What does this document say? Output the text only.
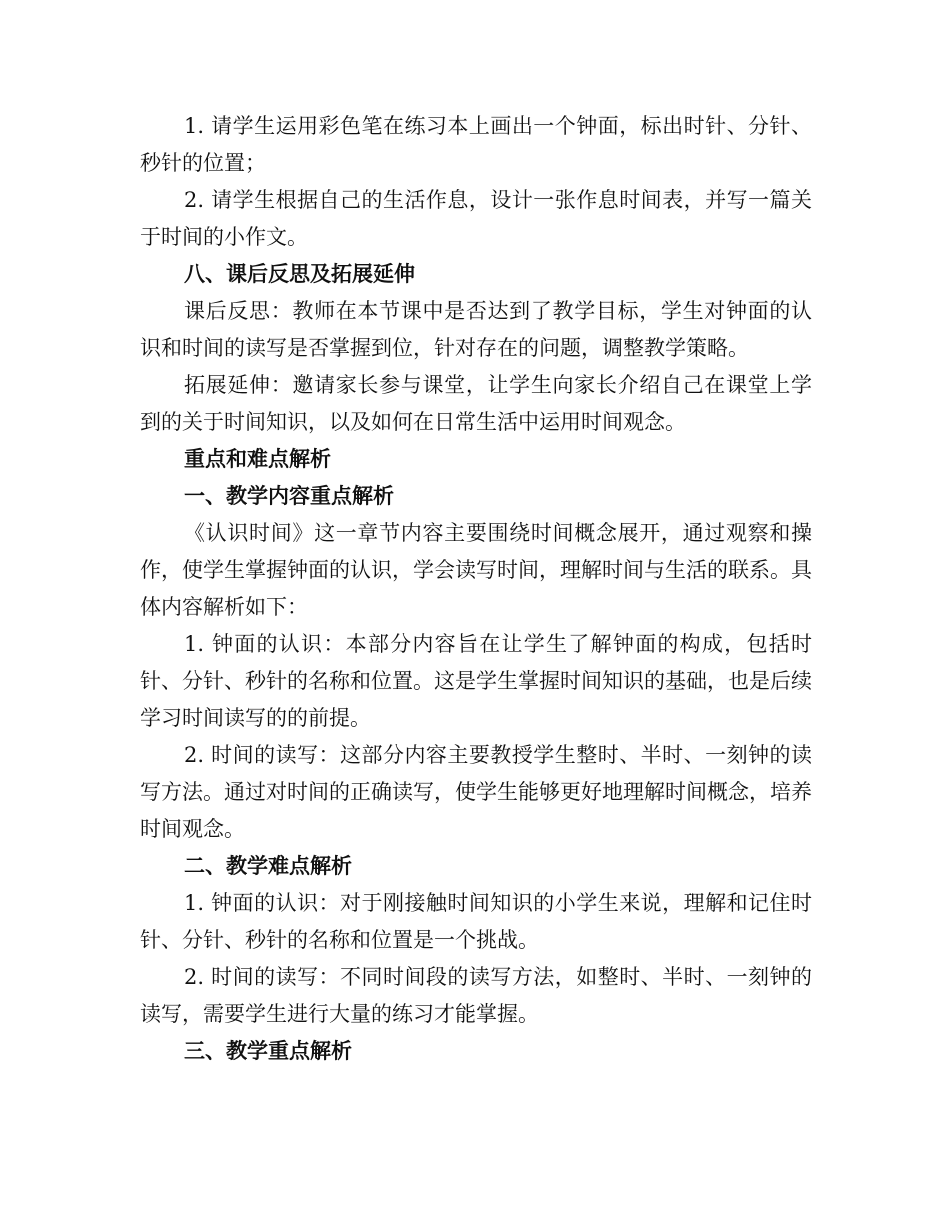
1. 请学生运用彩色笔在练习本上画出一个钟面，标出时针、分针、秒针的位置；

2. 请学生根据自己的生活作息，设计一张作息时间表，并写一篇关于时间的小作文。

八、课后反思及拓展延伸

课后反思：教师在本节课中是否达到了教学目标，学生对钟面的认识和时间的读写是否掌握到位，针对存在的问题，调整教学策略。

拓展延伸：邀请家长参与课堂，让学生向家长介绍自己在课堂上学到的关于时间知识，以及如何在日常生活中运用时间观念。

重点和难点解析

一、教学内容重点解析

《认识时间》这一章节内容主要围绕时间概念展开，通过观察和操作，使学生掌握钟面的认识，学会读写时间，理解时间与生活的联系。具体内容解析如下：

1. 钟面的认识：本部分内容旨在让学生了解钟面的构成，包括时针、分针、秒针的名称和位置。这是学生掌握时间知识的基础，也是后续学习时间读写的的前提。

2. 时间的读写：这部分内容主要教授学生整时、半时、一刻钟的读写方法。通过对时间的正确读写，使学生能够更好地理解时间概念，培养时间观念。

二、教学难点解析

1. 钟面的认识：对于刚接触时间知识的小学生来说，理解和记住时针、分针、秒针的名称和位置是一个挑战。

2. 时间的读写：不同时间段的读写方法，如整时、半时、一刻钟的读写，需要学生进行大量的练习才能掌握。

三、教学重点解析
